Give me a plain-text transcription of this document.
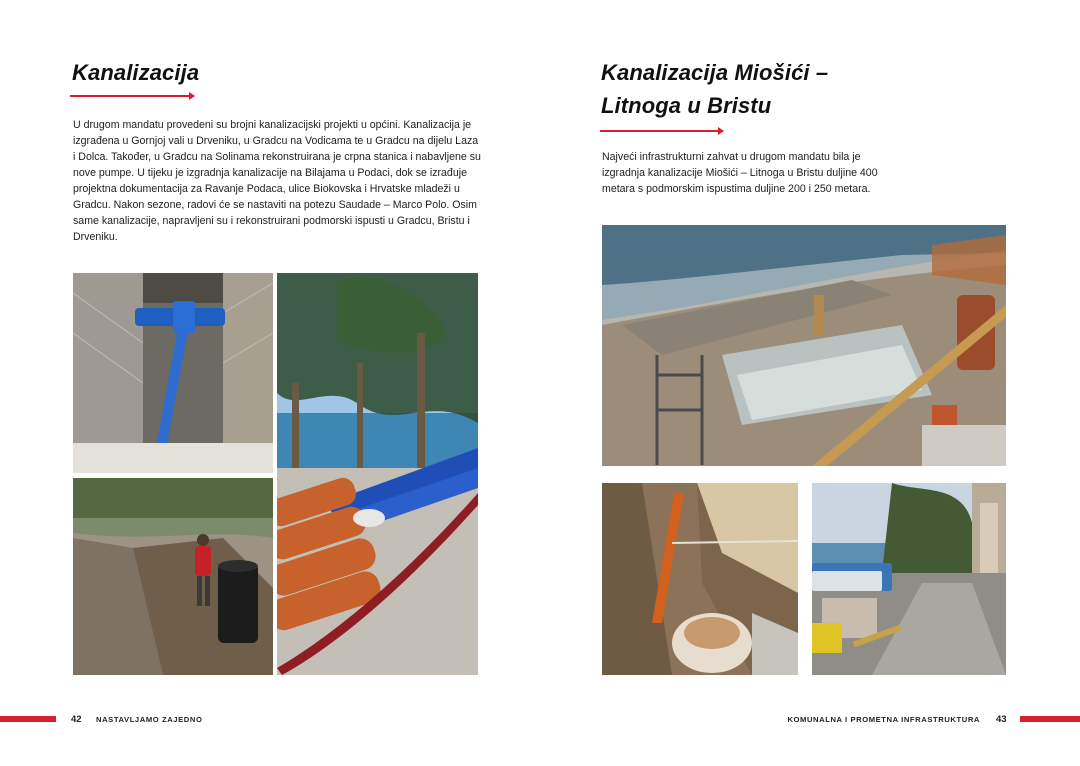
Kanalizacija

U drugom mandatu provedeni su brojni kanalizacijski projekti u općini. Kanalizacija je izgrađena u Gornjoj vali u Drveniku, u Gradcu na Vodicama te u Gradcu na dijelu Laza i Dolca. Također, u Gradcu na Solinama rekonstruirana je crpna stanica i nabavljene su nove pumpe. U tijeku je izgradnja kanalizacije na Bilajama u Podaci, dok se izrađuje projektna dokumentacija za Ravanje Podaca, ulice Biokovska i Hrvatske mladeži u Gradcu. Nakon sezone, radovi će se nastaviti na potezu Saudade – Marco Polo. Osim same kanalizacije, napravljeni su i rekonstruirani podmorski ispusti u Gradcu, Bristu i Drveniku.

42 NASTAVLJAMO ZAJEDNO
Kanalizacija Miošići –
Litnoga u Bristu

Najveći infrastrukturni zahvat u drugom mandatu bila je izgradnja kanalizacije Miošići – Litnoga u Bristu duljine 400 metara s podmorskim ispustima duljine 200 i 250 metara.

KOMUNALNA I PROMETNA INFRASTRUKTURA 43
